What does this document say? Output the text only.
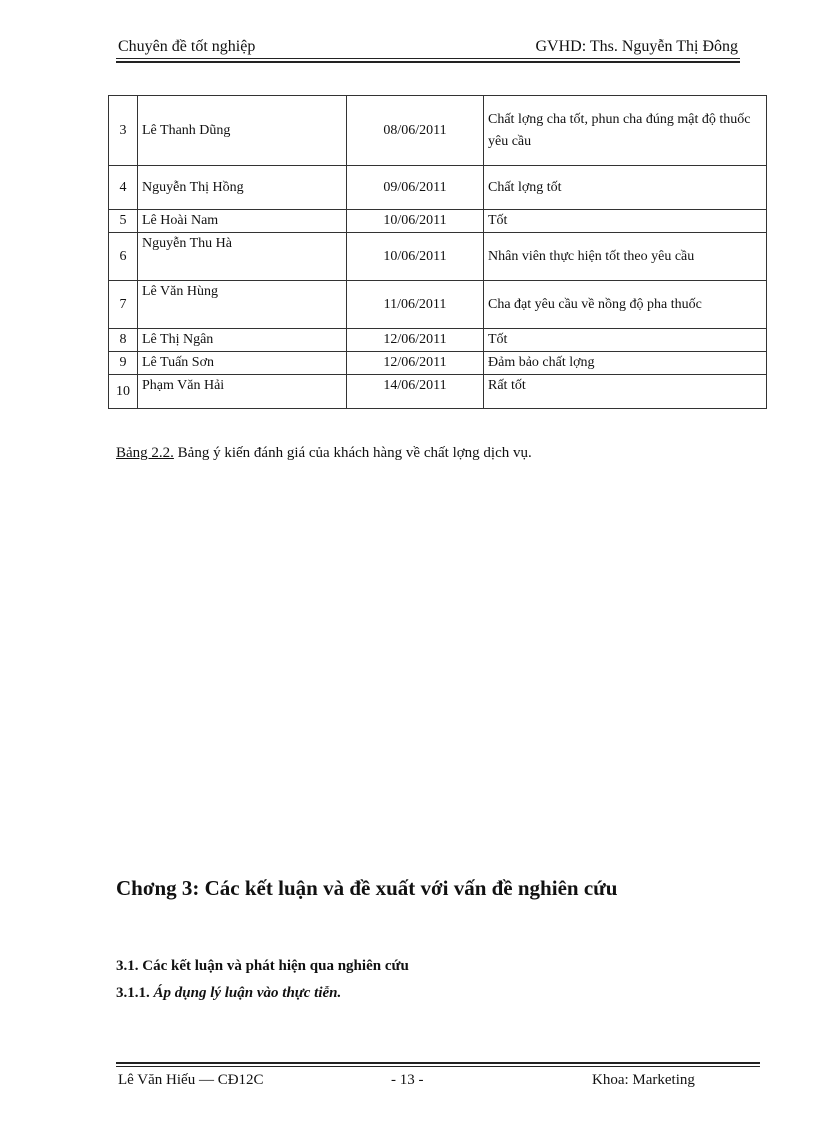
Chuyên đề tốt nghiệp	GVHD: Ths. Nguyễn Thị Đông
3	Lê Thanh Dũng	08/06/2011	Chất lợng cha tốt, phun cha đúng mật độ thuốc yêu cầu
4	Nguyễn Thị Hồng	09/06/2011	Chất lợng tốt
5	Lê Hoài Nam	10/06/2011	Tốt
6	Nguyễn Thu Hà	10/06/2011	Nhân viên thực hiện tốt theo yêu cầu
7	Lê Văn Hùng	11/06/2011	Cha đạt yêu cầu về nồng độ pha thuốc
8	Lê Thị Ngân	12/06/2011	Tốt
9	Lê Tuấn Sơn	12/06/2011	Đảm bảo chất lợng
10	Phạm Văn Hải	14/06/2011	Rất tốt
Bảng 2.2. Bảng ý kiến đánh giá của khách hàng về chất lợng dịch vụ.
Chơng 3: Các kết luận và đề xuất với vấn đề nghiên cứu
3.1. Các kết luận và phát hiện qua nghiên cứu
3.1.1. Áp dụng lý luận vào thực tiễn.
Lê Văn Hiếu — CĐ12C	- 13 -	Khoa: Marketing
